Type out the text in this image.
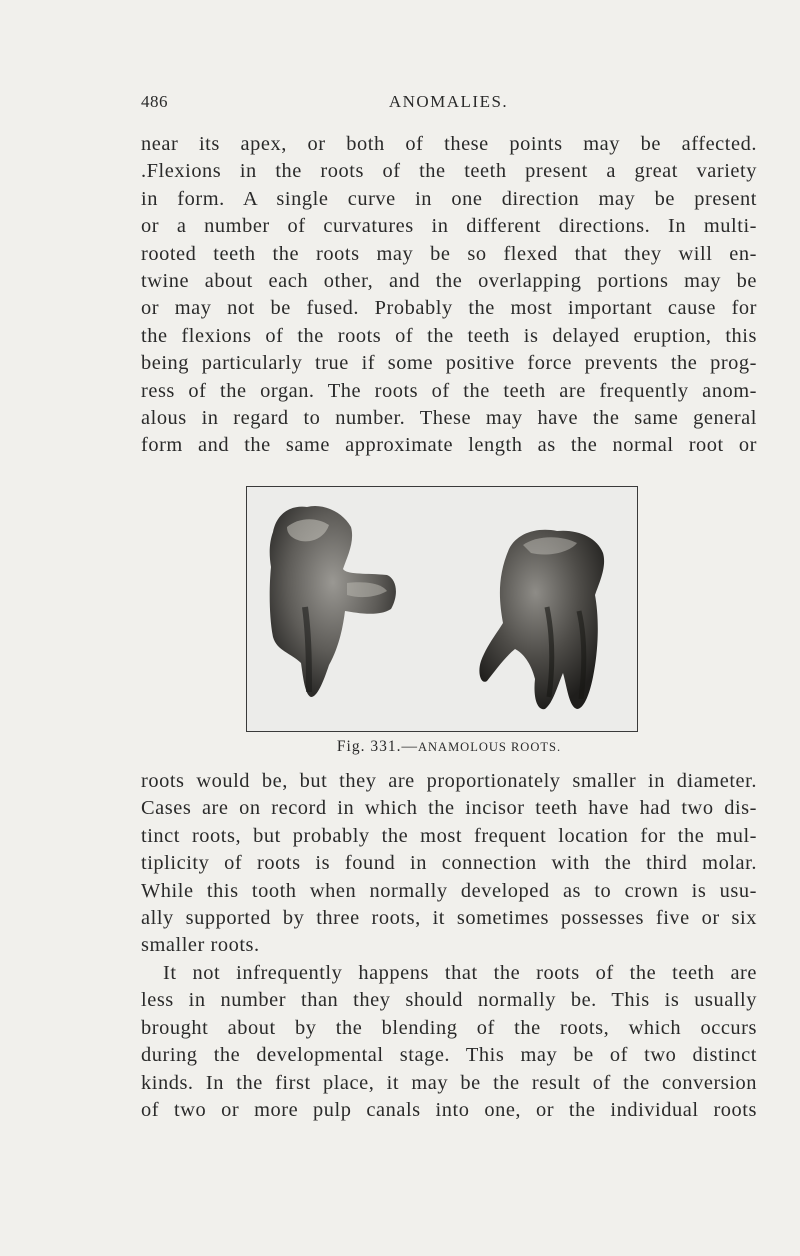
486	ANOMALIES.
near its apex, or both of these points may be affected.
.Flexions in the roots of the teeth present a great variety
in form. A single curve in one direction may be present
or a number of curvatures in different directions. In multi-
rooted teeth the roots may be so flexed that they will en-
twine about each other, and the overlapping portions may be
or may not be fused. Probably the most important cause for
the flexions of the roots of the teeth is delayed eruption, this
being particularly true if some positive force prevents the prog-
ress of the organ. The roots of the teeth are frequently anom-
alous in regard to number. These may have the same general
form and the same approximate length as the normal root or
Fig. 331.—ANAMOLOUS ROOTS.
roots would be, but they are proportionately smaller in diameter.
Cases are on record in which the incisor teeth have had two dis-
tinct roots, but probably the most frequent location for the mul-
tiplicity of roots is found in connection with the third molar.
While this tooth when normally developed as to crown is usu-
ally supported by three roots, it sometimes possesses five or six
smaller roots.
It not infrequently happens that the roots of the teeth are
less in number than they should normally be. This is usually
brought about by the blending of the roots, which occurs
during the developmental stage. This may be of two distinct
kinds. In the first place, it may be the result of the conversion
of two or more pulp canals into one, or the individual roots
